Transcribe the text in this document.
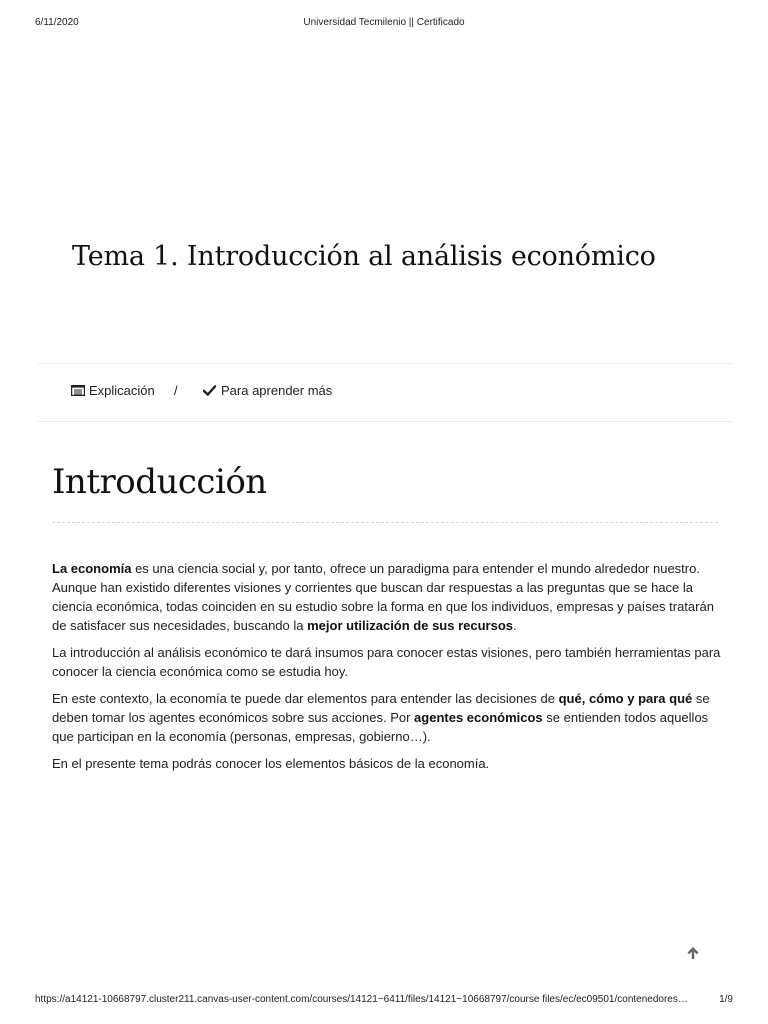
6/11/2020	Universidad Tecmilenio || Certificado
Tema 1. Introducción al análisis económico
Explicación /	Para aprender más
Introducción

La economía es una ciencia social y, por tanto, ofrece un paradigma para entender el mundo alrededor nuestro. Aunque han existido diferentes visiones y corrientes que buscan dar respuestas a las preguntas que se hace la ciencia económica, todas coinciden en su estudio sobre la forma en que los individuos, empresas y países tratarán de satisfacer sus necesidades, buscando la mejor utilización de sus recursos.

La introducción al análisis económico te dará insumos para conocer estas visiones, pero también herramientas para conocer la ciencia económica como se estudia hoy.

En este contexto, la economía te puede dar elementos para entender las decisiones de qué, cómo y para qué se deben tomar los agentes económicos sobre sus acciones. Por agentes económicos se entienden todos aquellos que participan en la economía (personas, empresas, gobierno…).

En el presente tema podrás conocer los elementos básicos de la economía.

https://a14121-10668797.cluster211.canvas-user-content.com/courses/14121~6411/files/14121~10668797/course files/ec/ec09501/contenedores…	1/9
